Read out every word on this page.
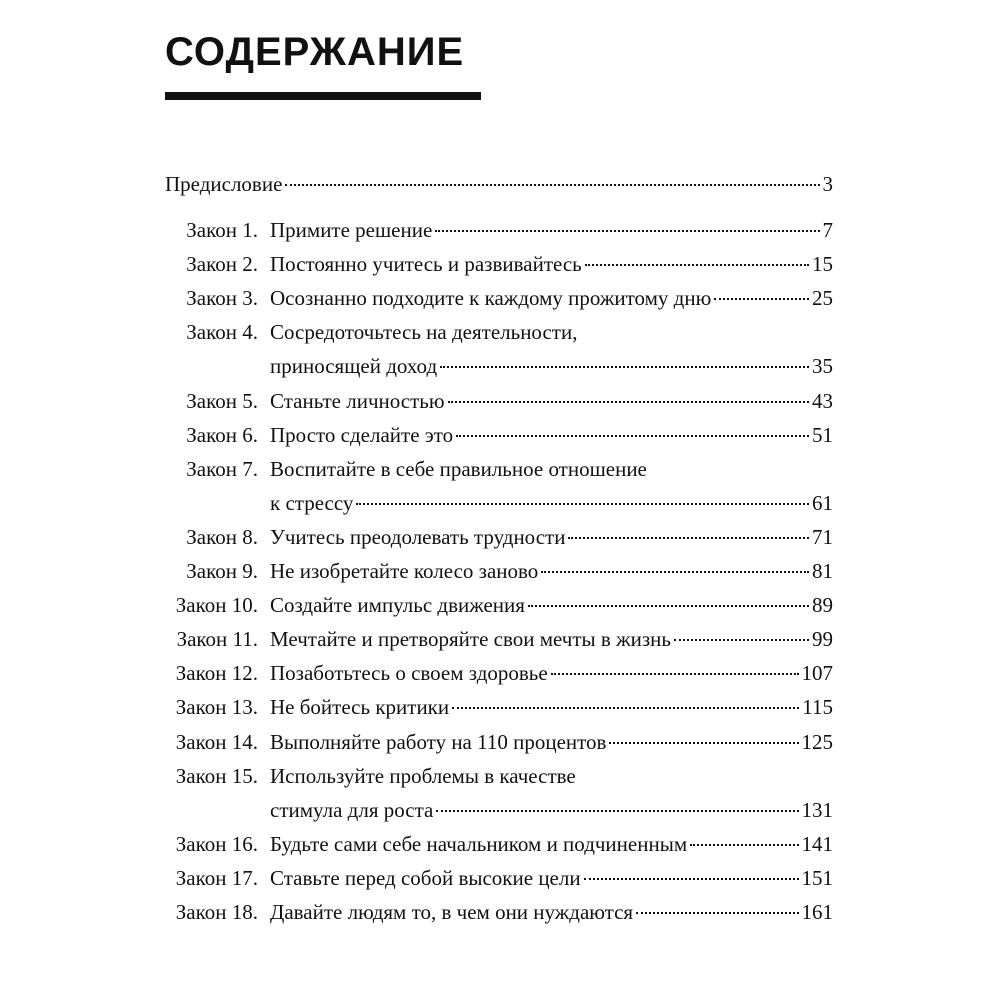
СОДЕРЖАНИЕ
Предисловие	3
Закон 1. Примите решение	7
Закон 2. Постоянно учитесь и развивайтесь	15
Закон 3. Осознанно подходите к каждому прожитому дню	25
Закон 4. Сосредоточьтесь на деятельности,
приносящей доход	35
Закон 5. Станьте личностью	43
Закон 6. Просто сделайте это	51
Закон 7. Воспитайте в себе правильное отношение
к стрессу	61
Закон 8. Учитесь преодолевать трудности	71
Закон 9. Не изобретайте колесо заново	81
Закон 10. Создайте импульс движения	89
Закон 11. Мечтайте и претворяйте свои мечты в жизнь	99
Закон 12. Позаботьтесь о своем здоровье	107
Закон 13. Не бойтесь критики	115
Закон 14. Выполняйте работу на 110 процентов	125
Закон 15. Используйте проблемы в качестве
стимула для роста	131
Закон 16. Будьте сами себе начальником и подчиненным	141
Закон 17. Ставьте перед собой высокие цели	151
Закон 18. Давайте людям то, в чем они нуждаются	161
